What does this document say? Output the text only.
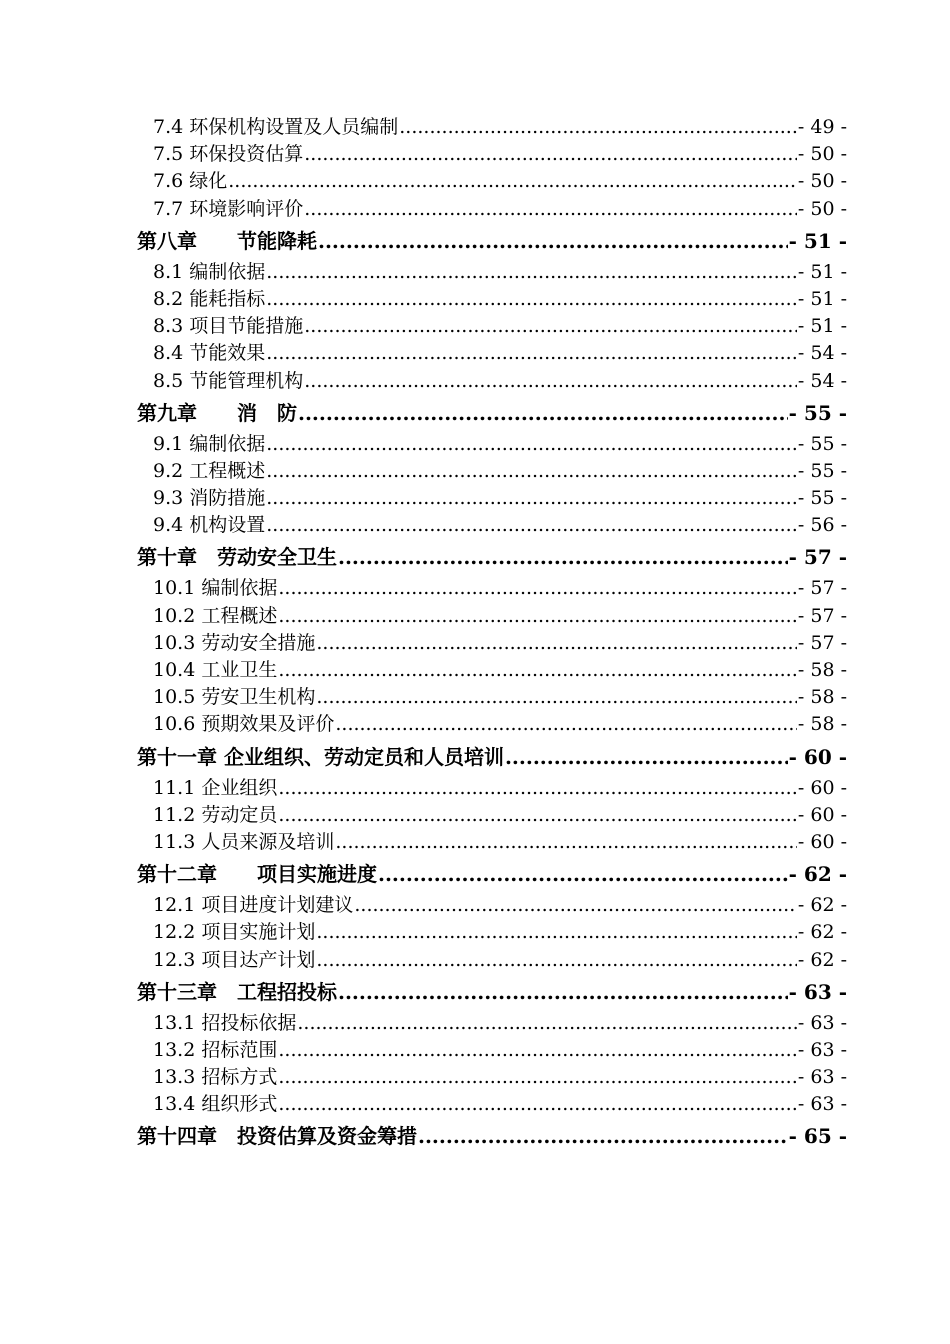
7.4 环保机构设置及人员编制 .....	- 49 -
7.5 环保投资估算 .....	- 50 -
7.6 绿化 .....	- 50 -
7.7 环境影响评价 .....	- 50 -
第八章　　节能降耗 .....	- 51 -
8.1 编制依据 .....	- 51 -
8.2 能耗指标 .....	- 51 -
8.3 项目节能措施 .....	- 51 -
8.4 节能效果 .....	- 54 -
8.5 节能管理机构 .....	- 54 -
第九章　　消　防 .....	- 55 -
9.1 编制依据 .....	- 55 -
9.2 工程概述 .....	- 55 -
9.3 消防措施 .....	- 55 -
9.4 机构设置 .....	- 56 -
第十章　劳动安全卫生 .....	- 57 -
10.1 编制依据 .....	- 57 -
10.2 工程概述 .....	- 57 -
10.3 劳动安全措施 .....	- 57 -
10.4 工业卫生 .....	- 58 -
10.5 劳安卫生机构 .....	- 58 -
10.6 预期效果及评价 .....	- 58 -
第十一章 企业组织、劳动定员和人员培训 .....	- 60 -
11.1 企业组织 .....	- 60 -
11.2 劳动定员 .....	- 60 -
11.3 人员来源及培训 .....	- 60 -
第十二章　　项目实施进度 .....	- 62 -
12.1 项目进度计划建议 .....	- 62 -
12.2 项目实施计划 .....	- 62 -
12.3 项目达产计划 .....	- 62 -
第十三章　工程招投标 .....	- 63 -
13.1 招投标依据 .....	- 63 -
13.2 招标范围 .....	- 63 -
13.3 招标方式 .....	- 63 -
13.4 组织形式 .....	- 63 -
第十四章　投资估算及资金筹措 .....	- 65 -
